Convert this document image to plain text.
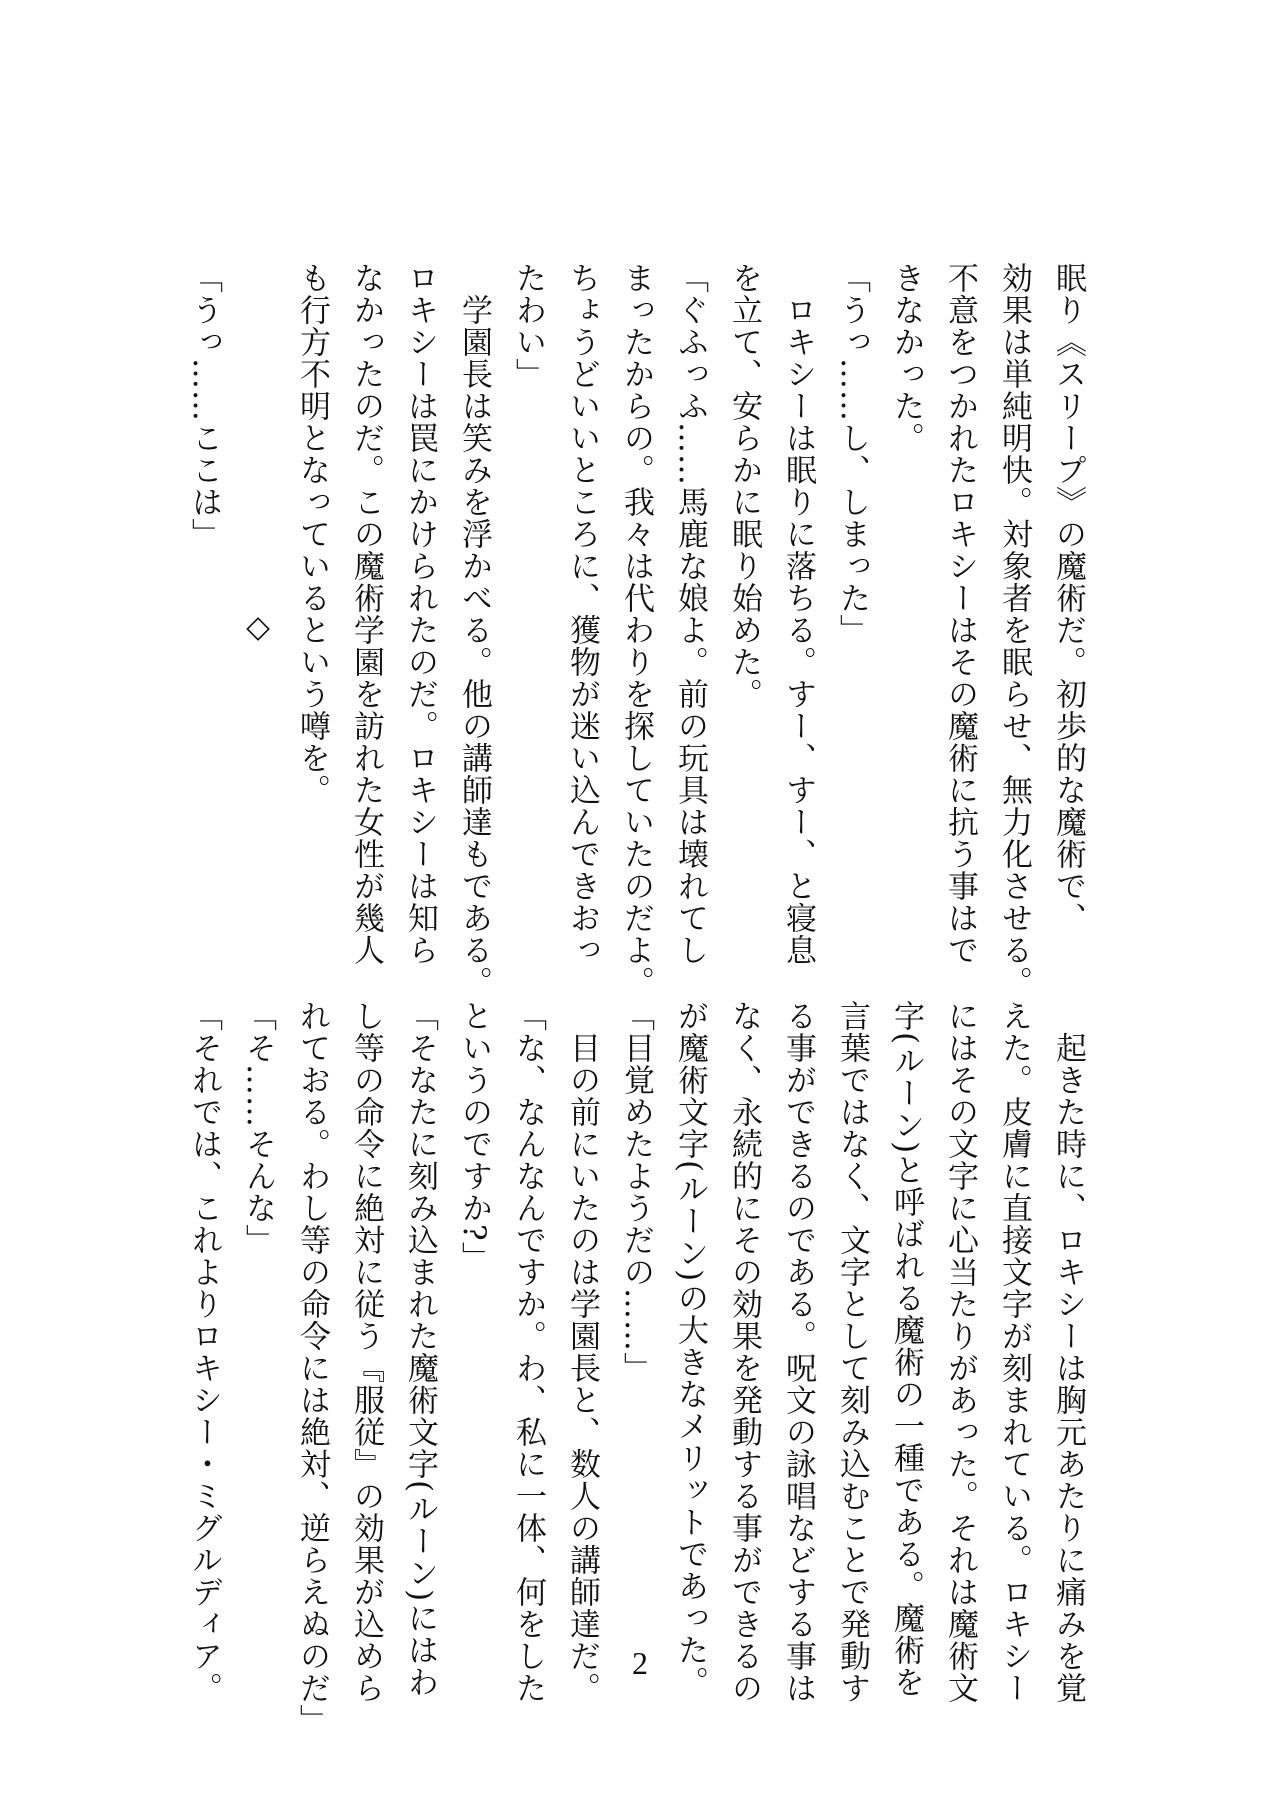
眠り《スリープ》の魔術だ。初歩的な魔術で、
効果は単純明快。対象者を眠らせ、無力化させる。
不意をつかれたロキシーはその魔術に抗う事はで
きなかった。
「うっ……し、しまった」
　ロキシーは眠りに落ちる。すー、すー、と寝息
を立て、安らかに眠り始めた。
「ぐふっふ……馬鹿な娘よ。前の玩具は壊れてし
まったからの。我々は代わりを探していたのだよ。
ちょうどいいところに、獲物が迷い込んできおっ
たわい」
　学園長は笑みを浮かべる。他の講師達もである。
ロキシーは罠にかけられたのだ。ロキシーは知ら
なかったのだ。この魔術学園を訪れた女性が幾人
も行方不明となっているという噂を。
◇
「うっ……ここは」
　起きた時に、ロキシーは胸元あたりに痛みを覚
えた。皮膚に直接文字が刻まれている。ロキシー
にはその文字に心当たりがあった。それは魔術文
字(ルーン)と呼ばれる魔術の一種である。魔術を
言葉ではなく、文字として刻み込むことで発動す
る事ができるのである。呪文の詠唱などする事は
なく、永続的にその効果を発動する事ができるの
が魔術文字(ルーン)の大きなメリットであった。
「目覚めたようだの……」
　目の前にいたのは学園長と、数人の講師達だ。
「な、なんなんですか。わ、私に一体、何をした
というのですか?」
「そなたに刻み込まれた魔術文字(ルーン)にはわ
し等の命令に絶対に従う『服従』の効果が込めら
れておる。わし等の命令には絶対、逆らえぬのだ」
「そ……そんな」
「それでは、これよりロキシー・ミグルディア。	2
